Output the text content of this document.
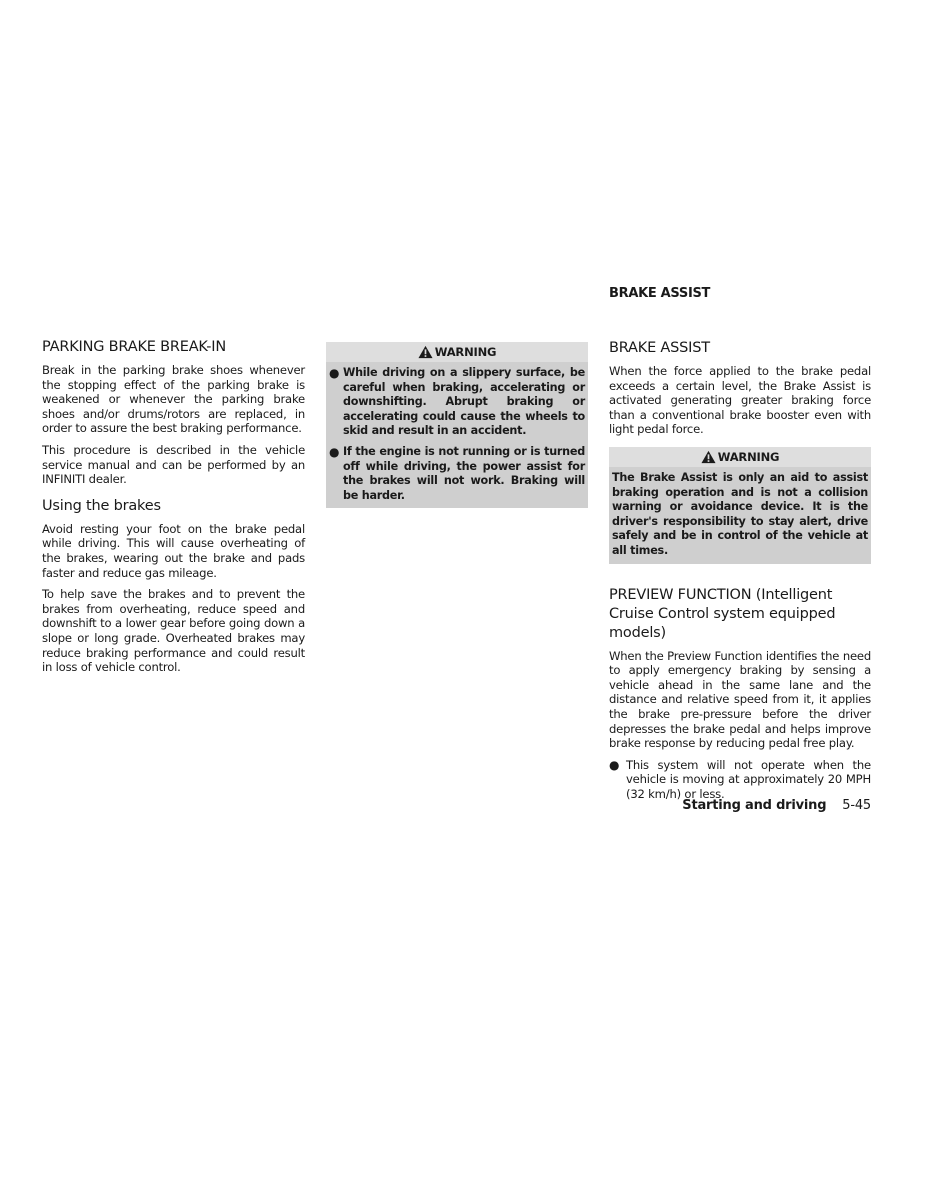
PARKING BRAKE BREAK-IN

Break in the parking brake shoes whenever the stopping effect of the parking brake is weakened or whenever the parking brake shoes and/or drums/rotors are replaced, in order to assure the best braking performance.

This procedure is described in the vehicle service manual and can be performed by an INFINITI dealer.

Using the brakes

Avoid resting your foot on the brake pedal while driving. This will cause overheating of the brakes, wearing out the brake and pads faster and reduce gas mileage.

To help save the brakes and to prevent the brakes from overheating, reduce speed and downshift to a lower gear before going down a slope or long grade. Overheated brakes may reduce braking performance and could result in loss of vehicle control.

WARNING
● While driving on a slippery surface, be careful when braking, accelerating or downshifting. Abrupt braking or accelerating could cause the wheels to skid and result in an accident.
● If the engine is not running or is turned off while driving, the power assist for the brakes will not work. Braking will be harder.
BRAKE ASSIST
BRAKE ASSIST

When the force applied to the brake pedal exceeds a certain level, the Brake Assist is activated generating greater braking force than a conventional brake booster even with light pedal force.

WARNING
The Brake Assist is only an aid to assist braking operation and is not a collision warning or avoidance device. It is the driver's responsibility to stay alert, drive safely and be in control of the vehicle at all times.
PREVIEW FUNCTION (Intelligent Cruise Control system equipped models)

When the Preview Function identifies the need to apply emergency braking by sensing a vehicle ahead in the same lane and the distance and relative speed from it, it applies the brake pre-pressure before the driver depresses the brake pedal and helps improve brake response by reducing pedal free play.

● This system will not operate when the vehicle is moving at approximately 20 MPH (32 km/h) or less.
Starting and driving 5-45
